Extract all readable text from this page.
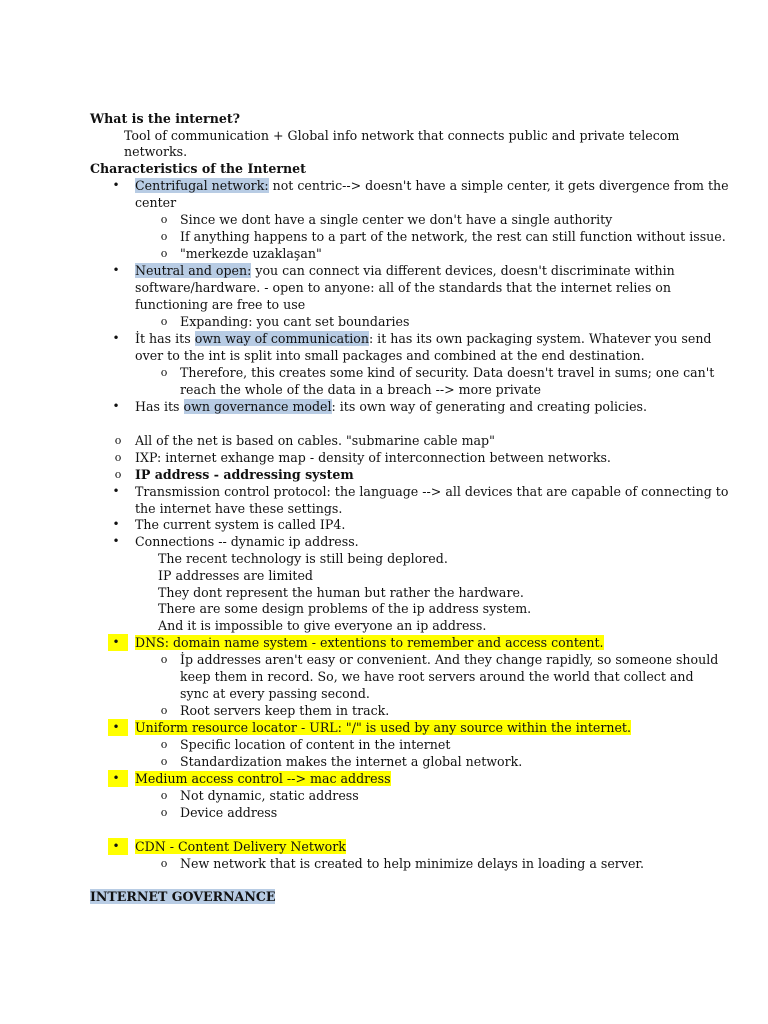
What is the internet?
Tool of communication + Global info network that connects public and private telecom
networks.
Characteristics of the Internet
•	Centrifugal network: not centric--> doesn't have a simple center, it gets divergence from the
center
o Since we dont have a single center we don't have a single authority
o If anything happens to a part of the network, the rest can still function without issue.
o "merkezde uzaklaşan"
•	Neutral and open: you can connect via different devices, doesn't discriminate within
software/hardware. - open to anyone: all of the standards that the internet relies on
functioning are free to use
o Expanding: you cant set boundaries
•	İt has its own way of communication: it has its own packaging system. Whatever you send
over to the int is split into small packages and combined at the end destination.
o Therefore, this creates some kind of security. Data doesn't travel in sums; one can't
reach the whole of the data in a breach --> more private
•	Has its own governance model: its own way of generating and creating policies.
o All of the net is based on cables. "submarine cable map"
o IXP: internet exhange map - density of interconnection between networks.
o IP address - addressing system
•	Transmission control protocol: the language --> all devices that are capable of connecting to
the internet have these settings.
•	The current system is called IP4.
•	Connections -- dynamic ip address.
The recent technology is still being deplored.
IP addresses are limited
They dont represent the human but rather the hardware.
There are some design problems of the ip address system.
And it is impossible to give everyone an ip address.
•	DNS: domain name system - extentions to remember and access content.
o İp addresses aren't easy or convenient. And they change rapidly, so someone should
keep them in record. So, we have root servers around the world that collect and
sync at every passing second.
o Root servers keep them in track.
•	Uniform resource locator - URL: "/" is used by any source within the internet.
o Specific location of content in the internet
o Standardization makes the internet a global network.
•	Medium access control --> mac address
o Not dynamic, static address
o Device address
•	CDN - Content Delivery Network
o New network that is created to help minimize delays in loading a server.
INTERNET GOVERNANCE
